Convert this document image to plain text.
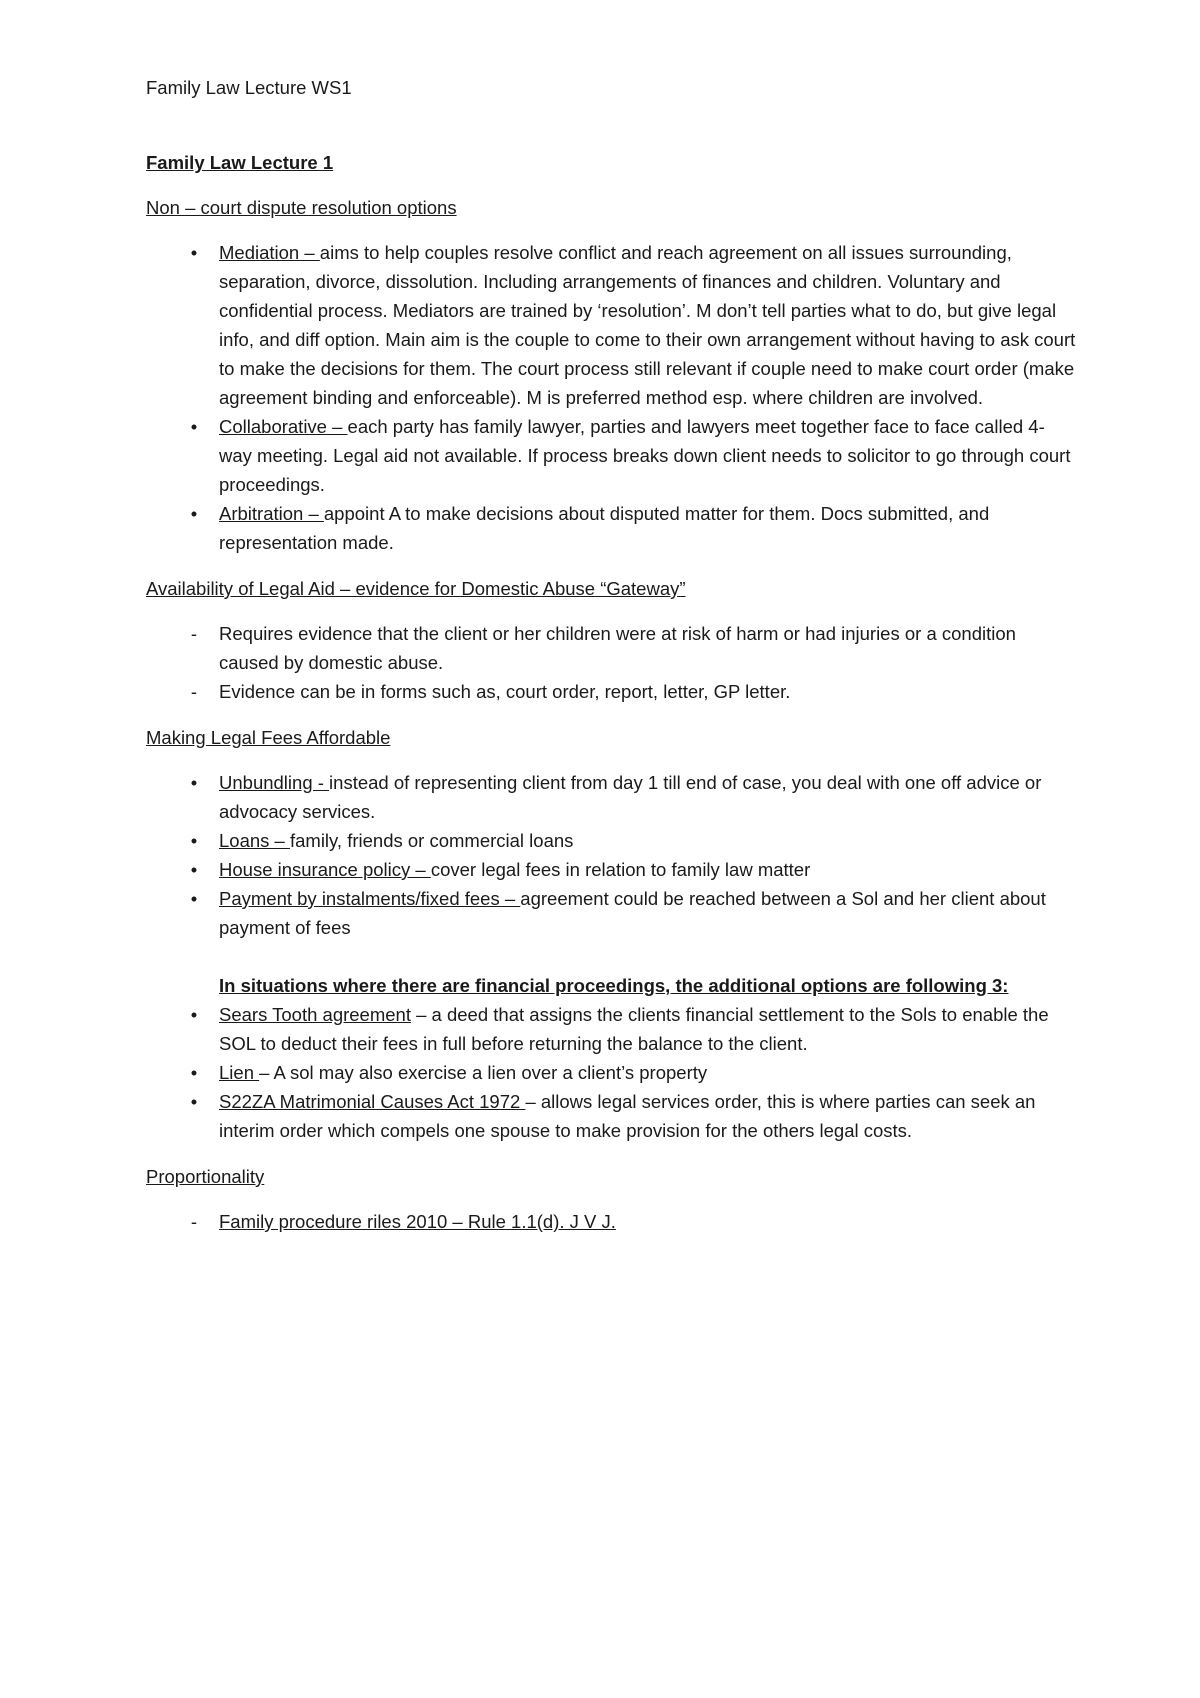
Family Law Lecture WS1

Family Law Lecture 1

Non – court dispute resolution options

•	Mediation – aims to help couples resolve conflict and reach agreement on all issues surrounding, separation, divorce, dissolution. Including arrangements of finances and children. Voluntary and confidential process. Mediators are trained by ‘resolution’. M don’t tell parties what to do, but give legal info, and diff option. Main aim is the couple to come to their own arrangement without having to ask court to make the decisions for them. The court process still relevant if couple need to make court order (make agreement binding and enforceable). M is preferred method esp. where children are involved.
•	Collaborative – each party has family lawyer, parties and lawyers meet together face to face called 4-way meeting. Legal aid not available. If process breaks down client needs to solicitor to go through court proceedings.
•	Arbitration – appoint A to make decisions about disputed matter for them. Docs submitted, and representation made.

Availability of Legal Aid – evidence for Domestic Abuse “Gateway”

-	Requires evidence that the client or her children were at risk of harm or had injuries or a condition caused by domestic abuse.
-	Evidence can be in forms such as, court order, report, letter, GP letter.

Making Legal Fees Affordable

•	Unbundling - instead of representing client from day 1 till end of case, you deal with one off advice or advocacy services.
•	Loans – family, friends or commercial loans
•	House insurance policy – cover legal fees in relation to family law matter
•	Payment by instalments/fixed fees – agreement could be reached between a Sol and her client about payment of fees
In situations where there are financial proceedings, the additional options are following 3:
•	Sears Tooth agreement – a deed that assigns the clients financial settlement to the Sols to enable the SOL to deduct their fees in full before returning the balance to the client.
•	Lien – A sol may also exercise a lien over a client’s property
•	S22ZA Matrimonial Causes Act 1972 – allows legal services order, this is where parties can seek an interim order which compels one spouse to make provision for the others legal costs.

Proportionality

-	Family procedure riles 2010 – Rule 1.1(d). J V J.
